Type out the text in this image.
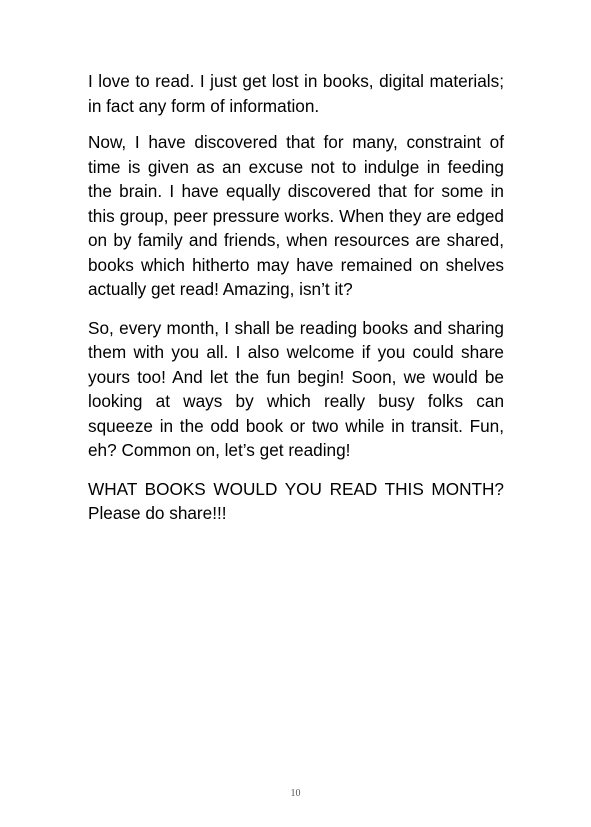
I love to read. I just get lost in books, digital materials; in fact any form of information.

Now, I have discovered that for many, constraint of time is given as an excuse not to indulge in feeding the brain. I have equally discovered that for some in this group, peer pressure works. When they are edged on by family and friends, when resources are shared, books which hitherto may have remained on shelves actually get read! Amazing, isn’t it?

So, every month, I shall be reading books and sharing them with you all. I also welcome if you could share yours too! And let the fun begin! Soon, we would be looking at ways by which really busy folks can squeeze in the odd book or two while in transit. Fun, eh? Common on, let’s get reading!

WHAT BOOKS WOULD YOU READ THIS MONTH? Please do share!!!

10
